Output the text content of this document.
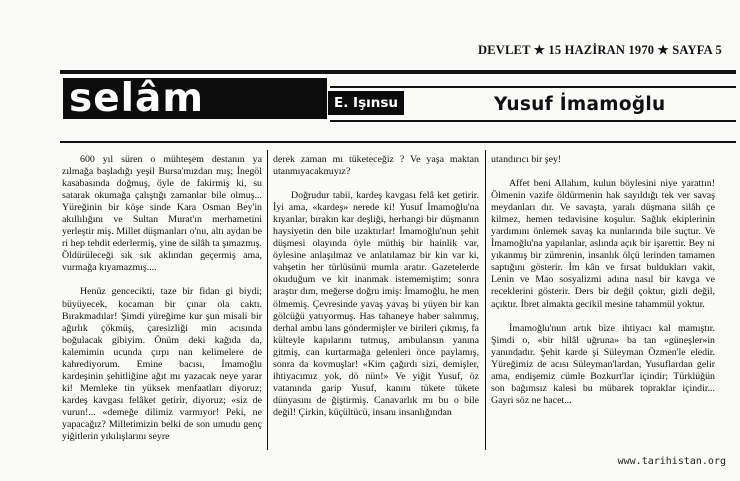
DEVLET ★ 15 HAZİRAN 1970 ★ SAYFA 5
selâm	E. Işınsu	Yusuf İmamoğlu

600 yıl süren o mühteşem destanın ya zılmağa başladığı yeşil Bursa'mızdan mış; İnegöl kasabasında doğmuş, öyle de fakirmiş ki, su satarak okumağa çalıştığı zamanlar bile olmuş... Yüreğinin bir köşe sinde Kara Osman Bey'in akıllılığını ve Sultan Murat'ın merhametini yerleştir miş. Millet düşmanları o'nu, altı aydan be ri hep tehdit ederlermiş, yine de silâh ta şımazmış. Öldürüleceği sık sık aklından geçermiş ama, vurmağa kıyamazmış....

Henüz gencecikti, taze bir fidan gi biydi; büyüyecek, kocaman bir çınar ola caktı. Bırakmadılar! Şimdi yüreğime kur şun misali bir ağırlık çökmüş, çaresizliği min acısında boğulacak gibiyim. Önüm deki kağıda da, kalemimin ucunda çırpı nan kelimelere de kahrediyorum. Emine bacısı, İmamoğlu kardeşinin şehitliğine ağıt mı yazacak neye yarar ki! Memleke tin yüksek menfaatları diyoruz; kardeş kavgası felâket getirir, diyoruz; «siz de vurun!... «demeğe dilimiz varmıyor! Peki, ne yapacağız? Milletimizin belki de son umudu genç yiğitlerin yıkılışlarını seyre

derek zaman mı tüketeceğiz ? Ve yaşa maktan utanmıyacakmıyız?

Doğrudur tabii, kardeş kavgası felâ ket getirir. İyi ama, «kardeş» nerede ki! Yusuf İmamoğlu'na kıyanlar, bırakın kar deşliği, herhangi bir düşmanın haysiyetin den bile uzaktırlar! İmamoğlu'nun şehit düşmesi olayında öyle müthiş bir hainlik var, öylesine anlaşılmaz ve anlatılamaz bir kin var ki, vahşetin her türlüsünü mumla aratır. Gazetelerde okuduğum ve kit inanmak istememiştim; sonra araştır dım, meğerse doğru imiş: İmamoğlu, he men ölmemiş. Çevresinde yavaş yavaş bi yüyen bir kan gölcüğü yatıyormuş. Has tahaneye haber salınmış, derhal ambu lans göndermişler ve birileri çıkmış, fa külteyle kapılarını tutmuş, ambulansın yanına gitmiş, can kurtarmağa gelenleri önce paylamış, sonra da kovmuşlar! «Kim çağırdı sizi, demişler, ihtiyacımız yok, dö nün!» Ve yiğit Yusuf, öz vatanında garip Yusuf, kanını tükete tükete dünyasını de ğiştirmiş. Canavarlık mı bu o bile değil! Çirkin, küçültücü, insanı insanlığından

utandırıcı bir şey!

Affet beni Allahım, kulun böylesini niye yarattın! Ölmenin vazife öldürmenin hak sayıldığı tek ver savaş meydanları dır. Ve savaşta, yaralı düşmana silâh çe kilmez, hemen tedavisine koşulur. Sağlık ekiplerinin yardımını önlemek savaş ka nunlarında bile suçtur. Ve İmamoğlu'na yapılanlar, aslında açık bir işarettir. Bey ni yıkanmış bir zümrenin, insanlık ölçü lerinden tamamen saptığını gösterir. İm kân ve fırsat buldukları vakit, Lenin ve Mao sosyalizmi adına nasıl bir kavga ve receklerini gösterir. Ders bir değil çoktur, gizli değil, açıktır. İbret almakta gecikil mesine tahammül yoktur.

İmamoğlu'nun artık bize ihtiyacı kal mamıştır. Şimdi o, «bir hilâl uğruna» ba tan «güneşler»in yanındadır. Şehit karde şi Süleyman Özmen'le eledir. Yüreğimiz de acısı Süleyman'lardan, Yusuflardan gelir ama, endişemiz cümle Bozkurt'lar içindir; Türklüğün son bağımsız kalesi bu mübarek topraklar içindir... Gayri söz ne hacet...

www.tarihistan.org
